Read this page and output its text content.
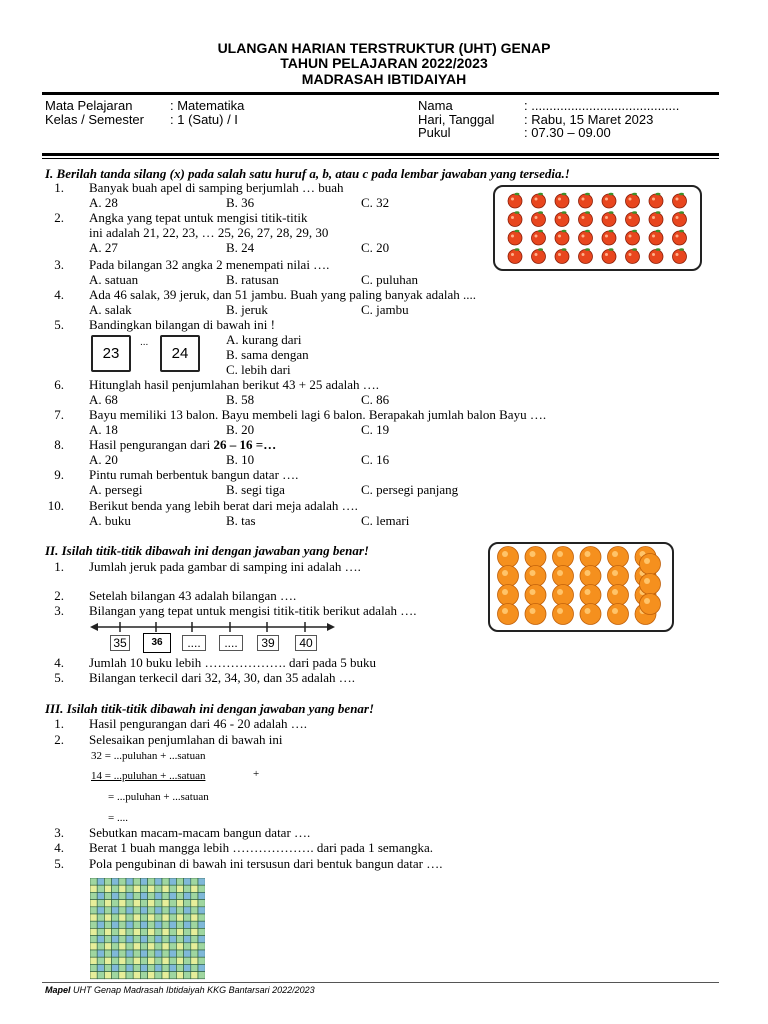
ULANGAN HARIAN TERSTRUKTUR (UHT) GENAP
TAHUN PELAJARAN 2022/2023
MADRASAH IBTIDAIYAH
Mata Pelajaran	: Matematika
Kelas / Semester : 1 (Satu) / I
Nama	: .........................................
Hari, Tanggal : Rabu, 15 Maret 2023
Pukul	: 07.30 – 09.00
I. Berilah tanda silang (x) pada salah satu huruf a, b, atau c pada lembar jawaban yang tersedia.!
1. Banyak buah apel di samping berjumlah … buah
A. 28	B. 36	C. 32
2. Angka yang tepat untuk mengisi titik-titik
ini adalah 21, 22, 23, … 25, 26, 27, 28, 29, 30
A. 27	B. 24	C. 20
3. Pada bilangan 32 angka 2 menempati nilai ….
A. satuan	B. ratusan	C. puluhan
4. Ada 46 salak, 39 jeruk, dan 51 jambu. Buah yang paling banyak adalah ....
A. salak	B. jeruk	C. jambu
5. Bandingkan bilangan di bawah ini !
A. kurang dari
B. sama dengan
C. lebih dari
6. Hitunglah hasil penjumlahan berikut 43 + 25 adalah ….
A. 68	B. 58	C. 86
7. Bayu memiliki 13 balon. Bayu membeli lagi 6 balon. Berapakah jumlah balon Bayu ….
A. 18	B. 20	C. 19
8. Hasil pengurangan dari 26 – 16 =…
A. 20	B. 10	C. 16
9. Pintu rumah berbentuk bangun datar ….
A. persegi	B. segi tiga	C. persegi panjang
10. Berikut benda yang lebih berat dari meja adalah ….
A. buku	B. tas	C. lemari
23
...
24
II. Isilah titik-titik dibawah ini dengan jawaban yang benar!
1. Jumlah jeruk pada gambar di samping ini adalah ….
2. Setelah bilangan 43 adalah bilangan ….
3. Bilangan yang tepat untuk mengisi titik-titik berikut adalah ….
35	36	....	....	39	40
4. Jumlah 10 buku lebih ………………. dari pada 5 buku
5. Bilangan terkecil dari 32, 34, 30, dan 35 adalah ….
III. Isilah titik-titik dibawah ini dengan jawaban yang benar!
1. Hasil pengurangan dari 46 - 20 adalah ….
2. Selesaikan penjumlahan di bawah ini
32 = ...puluhan + ...satuan
14 = ...puluhan + ...satuan	+
= ...puluhan + ...satuan
= ....
3. Sebutkan macam-macam bangun datar ….
4. Berat 1 buah mangga lebih ………………. dari pada 1 semangka.
5. Pola pengubinan di bawah ini tersusun dari bentuk bangun datar ….
Mapel UHT Genap Madrasah Ibtidaiyah KKG Bantarsari 2022/2023
